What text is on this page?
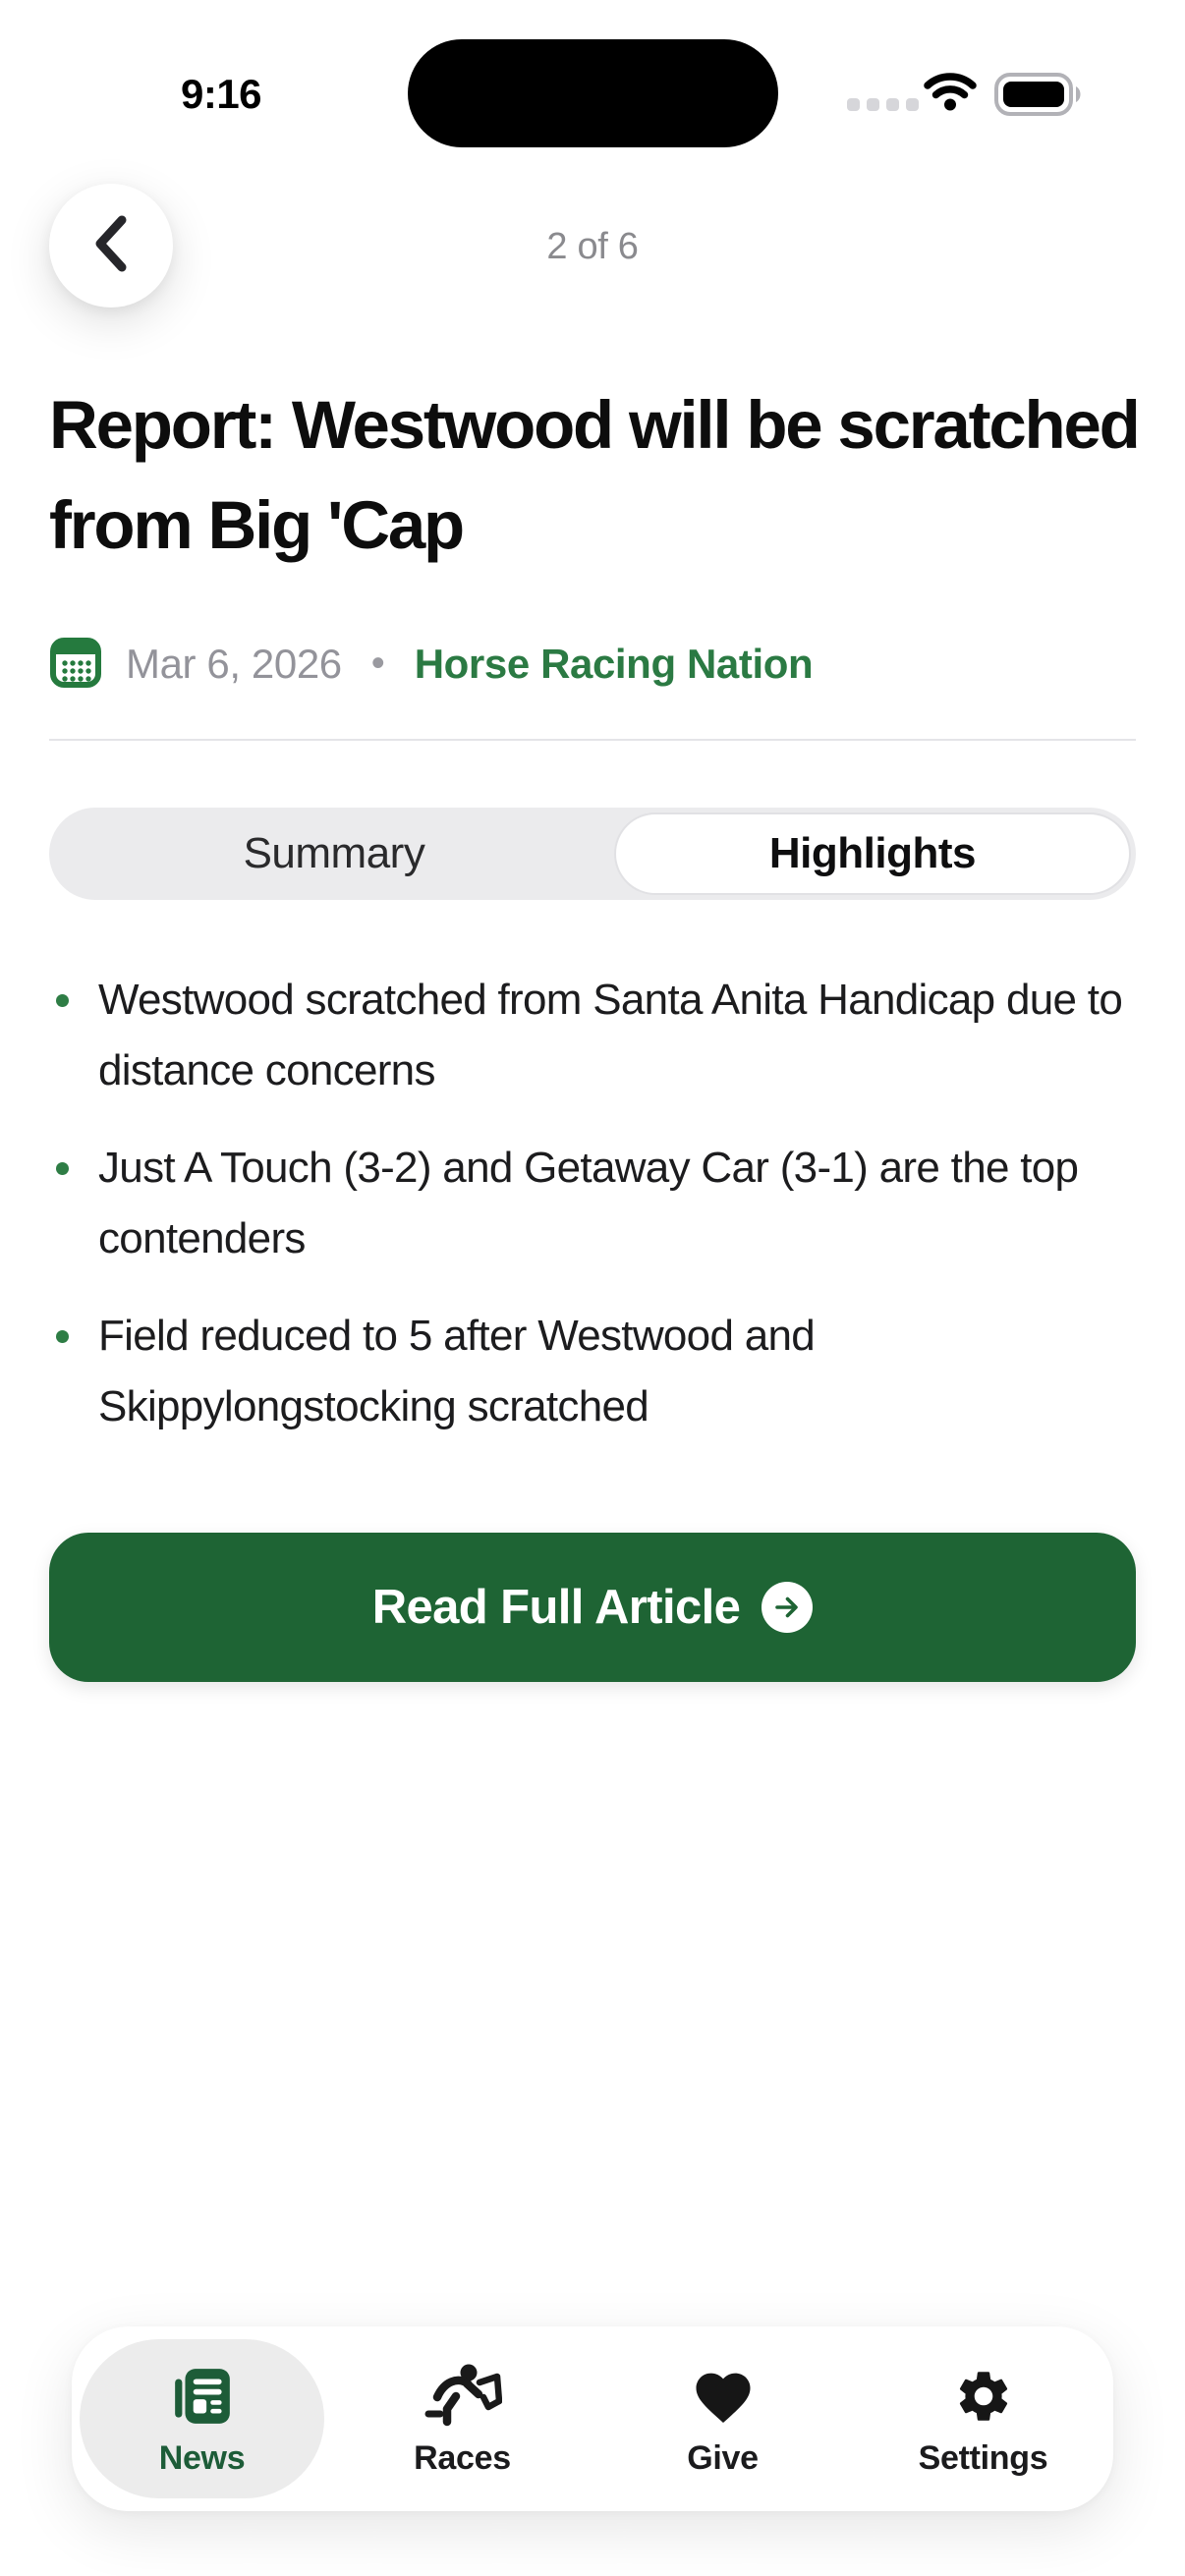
9:16
2 of 6
Report: Westwood will be scratched from Big 'Cap
Mar 6, 2026 • Horse Racing Nation
Summary	Highlights
Westwood scratched from Santa Anita Handicap due to distance concerns
Just A Touch (3-2) and Getaway Car (3-1) are the top contenders
Field reduced to 5 after Westwood and Skippylongstocking scratched
Read Full Article
News	Races	Give	Settings
